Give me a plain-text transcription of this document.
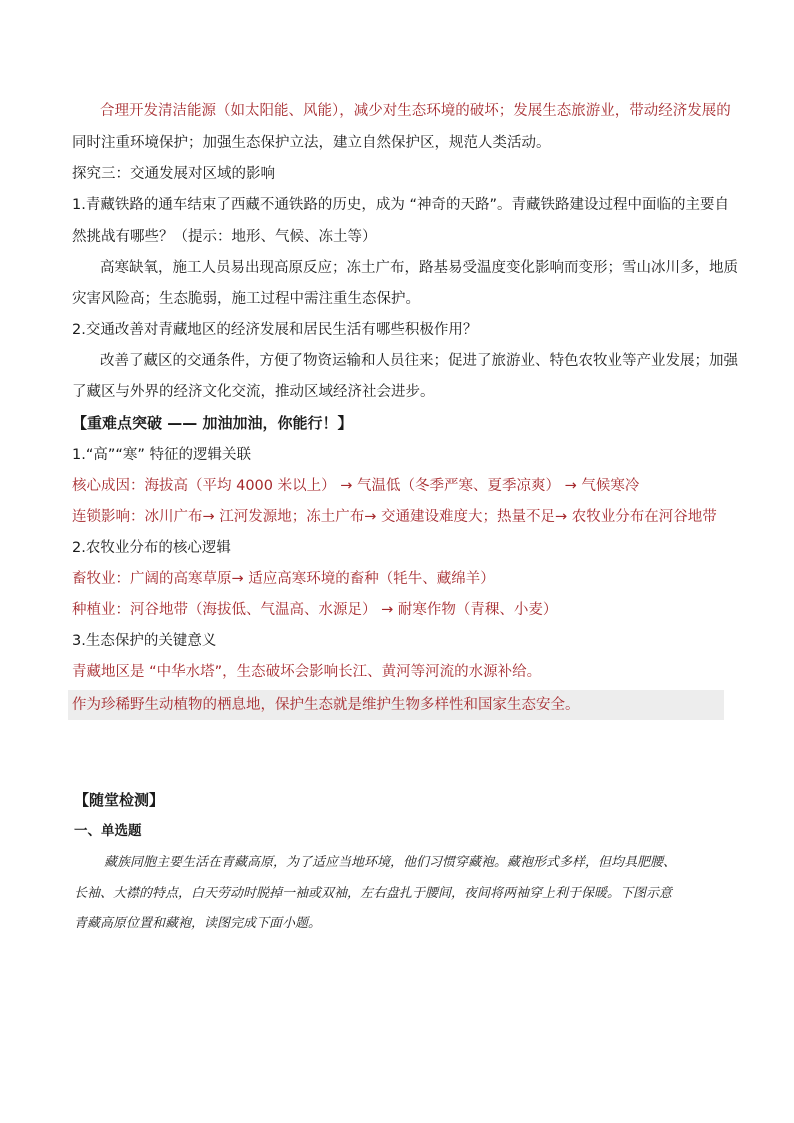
合理开发清洁能源（如太阳能、风能），减少对生态环境的破坏；发展生态旅游业，带动经济发展的
同时注重环境保护；加强生态保护立法，建立自然保护区，规范人类活动。
探究三：交通发展对区域的影响
1.青藏铁路的通车结束了西藏不通铁路的历史，成为 “神奇的天路”。青藏铁路建设过程中面临的主要自
然挑战有哪些？（提示：地形、气候、冻土等）
高寒缺氧，施工人员易出现高原反应；冻土广布，路基易受温度变化影响而变形；雪山冰川多，地质
灾害风险高；生态脆弱，施工过程中需注重生态保护。
2.交通改善对青藏地区的经济发展和居民生活有哪些积极作用？
改善了藏区的交通条件，方便了物资运输和人员往来；促进了旅游业、特色农牧业等产业发展；加强
了藏区与外界的经济文化交流，推动区域经济社会进步。
【重难点突破 —— 加油加油，你能行！】
1.“高”“寒” 特征的逻辑关联
核心成因：海拔高（平均 4000 米以上） → 气温低（冬季严寒、夏季凉爽） → 气候寒冷
连锁影响：冰川广布→ 江河发源地；冻土广布→ 交通建设难度大；热量不足→ 农牧业分布在河谷地带
2.农牧业分布的核心逻辑
畜牧业：广阔的高寒草原→ 适应高寒环境的畜种（牦牛、藏绵羊）
种植业：河谷地带（海拔低、气温高、水源足） → 耐寒作物（青稞、小麦）
3.生态保护的关键意义
青藏地区是 “中华水塔”，生态破坏会影响长江、黄河等河流的水源补给。
作为珍稀野生动植物的栖息地，保护生态就是维护生物多样性和国家生态安全。
【随堂检测】
一、单选题
藏族同胞主要生活在青藏高原，为了适应当地环境，他们习惯穿藏袍。藏袍形式多样，但均具肥腰、
长袖、大襟的特点，白天劳动时脱掉一袖或双袖，左右盘扎于腰间，夜间将两袖穿上利于保暖。下图示意
青藏高原位置和藏袍，读图完成下面小题。
